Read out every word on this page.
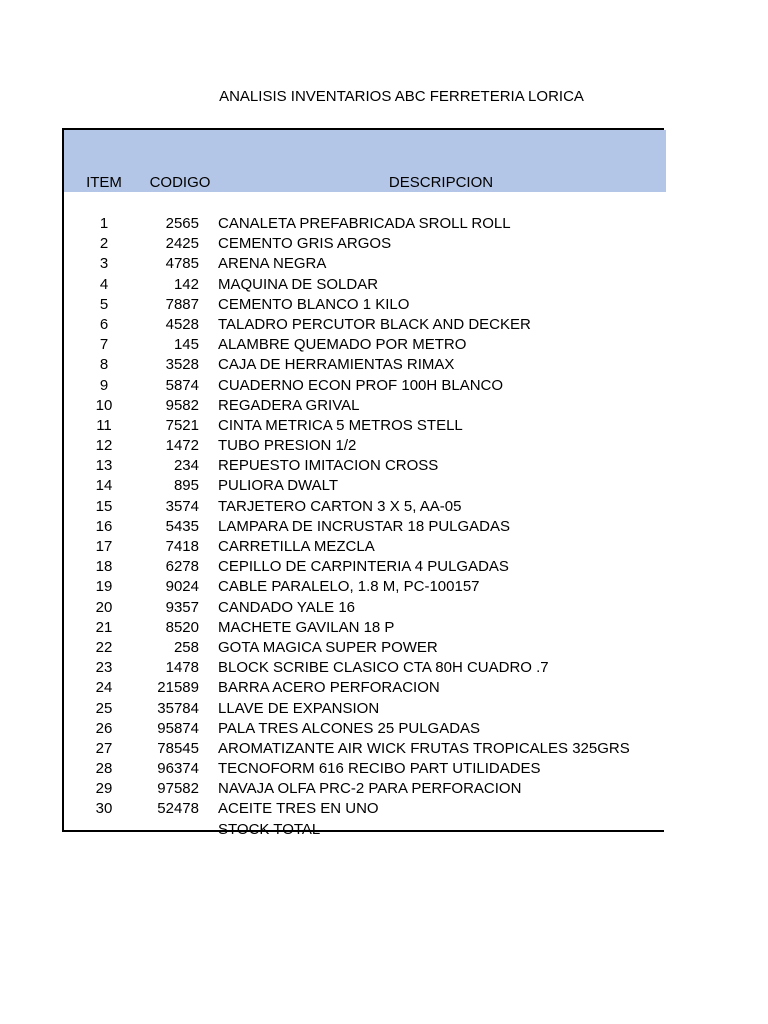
ANALISIS INVENTARIOS ABC FERRETERIA LORICA
ITEM	CODIGO	DESCRIPCION
1	2565 CANALETA PREFABRICADA SROLL ROLL
2	2425 CEMENTO GRIS ARGOS
3	4785 ARENA NEGRA
4	142 MAQUINA DE SOLDAR
5	7887 CEMENTO BLANCO 1 KILO
6	4528 TALADRO PERCUTOR BLACK AND DECKER
7	145 ALAMBRE QUEMADO POR METRO
8	3528 CAJA DE HERRAMIENTAS RIMAX
9	5874 CUADERNO ECON PROF 100H BLANCO
10	9582 REGADERA GRIVAL
11	7521 CINTA METRICA 5 METROS STELL
12	1472 TUBO PRESION 1/2
13	234 REPUESTO IMITACION CROSS
14	895 PULIORA DWALT
15	3574 TARJETERO CARTON 3 X 5, AA-05
16	5435 LAMPARA DE INCRUSTAR 18 PULGADAS
17	7418 CARRETILLA MEZCLA
18	6278 CEPILLO DE CARPINTERIA 4 PULGADAS
19	9024 CABLE PARALELO, 1.8 M, PC-100157
20	9357 CANDADO YALE 16
21	8520 MACHETE GAVILAN 18 P
22	258 GOTA MAGICA SUPER POWER
23	1478 BLOCK SCRIBE CLASICO CTA 80H CUADRO .7
24	21589 BARRA ACERO PERFORACION
25	35784 LLAVE DE EXPANSION
26	95874 PALA TRES ALCONES 25 PULGADAS
27	78545 AROMATIZANTE AIR WICK FRUTAS TROPICALES 325GRS
28	96374 TECNOFORM 616 RECIBO PART UTILIDADES
29	97582 NAVAJA OLFA PRC-2 PARA PERFORACION
30	52478 ACEITE TRES EN UNO
STOCK TOTAL
